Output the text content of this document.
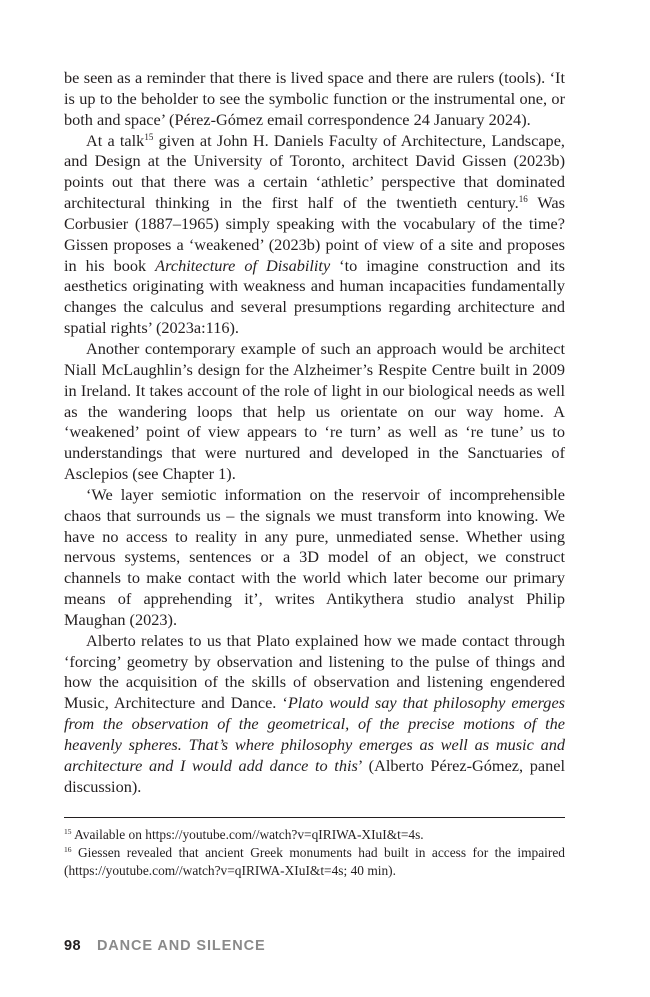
be seen as a reminder that there is lived space and there are rulers (tools). ‘It is up to the beholder to see the symbolic function or the instrumental one, or both and space’ (Pérez-Gómez email correspondence 24 January 2024).

At a talk$^{15}$ given at John H. Daniels Faculty of Architecture, Landscape, and Design at the University of Toronto, architect David Gissen (2023b) points out that there was a certain ‘athletic’ perspective that dominated architectural thinking in the first half of the twentieth century.$^{16}$ Was Corbusier (1887–1965) simply speaking with the vocabulary of the time? Gissen proposes a ‘weakened’ (2023b) point of view of a site and proposes in his book Architecture of Disability ‘to imagine construction and its aesthetics originating with weakness and human incapacities fundamentally changes the calculus and several presumptions regarding architecture and spatial rights’ (2023a:116).

Another contemporary example of such an approach would be architect Niall McLaughlin’s design for the Alzheimer’s Respite Centre built in 2009 in Ireland. It takes account of the role of light in our biological needs as well as the wandering loops that help us orientate on our way home. A ‘weakened’ point of view appears to ‘re turn’ as well as ‘re tune’ us to understandings that were nurtured and developed in the Sanctuaries of Asclepios (see Chapter 1).

‘We layer semiotic information on the reservoir of incomprehensible chaos that surrounds us – the signals we must transform into knowing. We have no access to reality in any pure, unmediated sense. Whether using nervous systems, sentences or a 3D model of an object, we construct channels to make contact with the world which later become our primary means of apprehending it’, writes Antikythera studio analyst Philip Maughan (2023).

Alberto relates to us that Plato explained how we made contact through ‘forcing’ geometry by observation and listening to the pulse of things and how the acquisition of the skills of observation and listening engendered Music, Architecture and Dance. ‘Plato would say that philosophy emerges from the observation of the geometrical, of the precise motions of the heavenly spheres. That’s where philosophy emerges as well as music and architecture and I would add dance to this’ (Alberto Pérez-Gómez, panel discussion).

$^{15}$ Available on https://youtube.com//watch?v=qIRIWA-XIuI&t=4s.

$^{16}$ Giessen revealed that ancient Greek monuments had built in access for the impaired (https://youtube.com//watch?v=qIRIWA-XIuI&t=4s; 40 min).

98 DANCE AND SILENCE
